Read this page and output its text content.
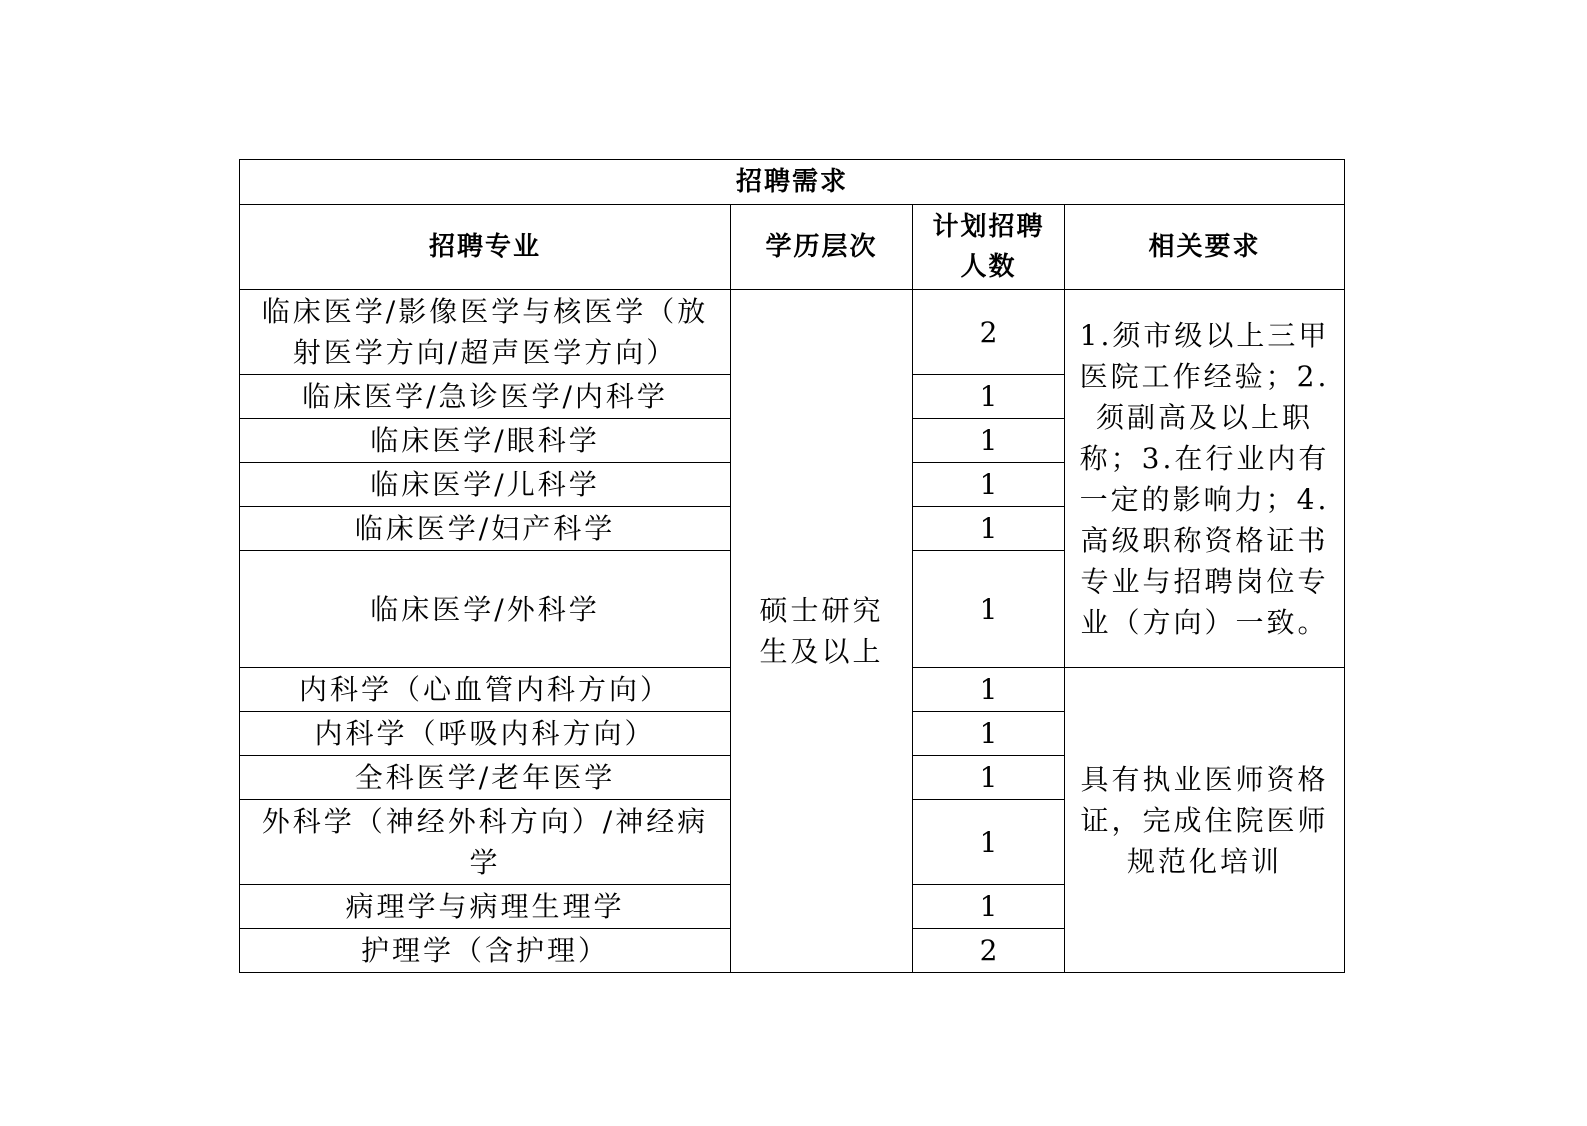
招聘需求			
招聘专业	学历层次	计划招聘人数	相关要求
临床医学/影像医学与核医学（放射医学方向/超声医学方向）	硕士研究生及以上	2	1.须市级以上三甲医院工作经验；2.须副高及以上职称；3.在行业内有一定的影响力；4.高级职称资格证书专业与招聘岗位专业（方向）一致。
临床医学/急诊医学/内科学		1	
临床医学/眼科学		1	
临床医学/儿科学		1	
临床医学/妇产科学		1	
临床医学/外科学		1	
内科学（心血管内科方向）		1	具有执业医师资格证，完成住院医师规范化培训
内科学（呼吸内科方向）		1	
全科医学/老年医学		1	
外科学（神经外科方向）/神经病学		1	
病理学与病理生理学		1	
护理学（含护理）		2	
